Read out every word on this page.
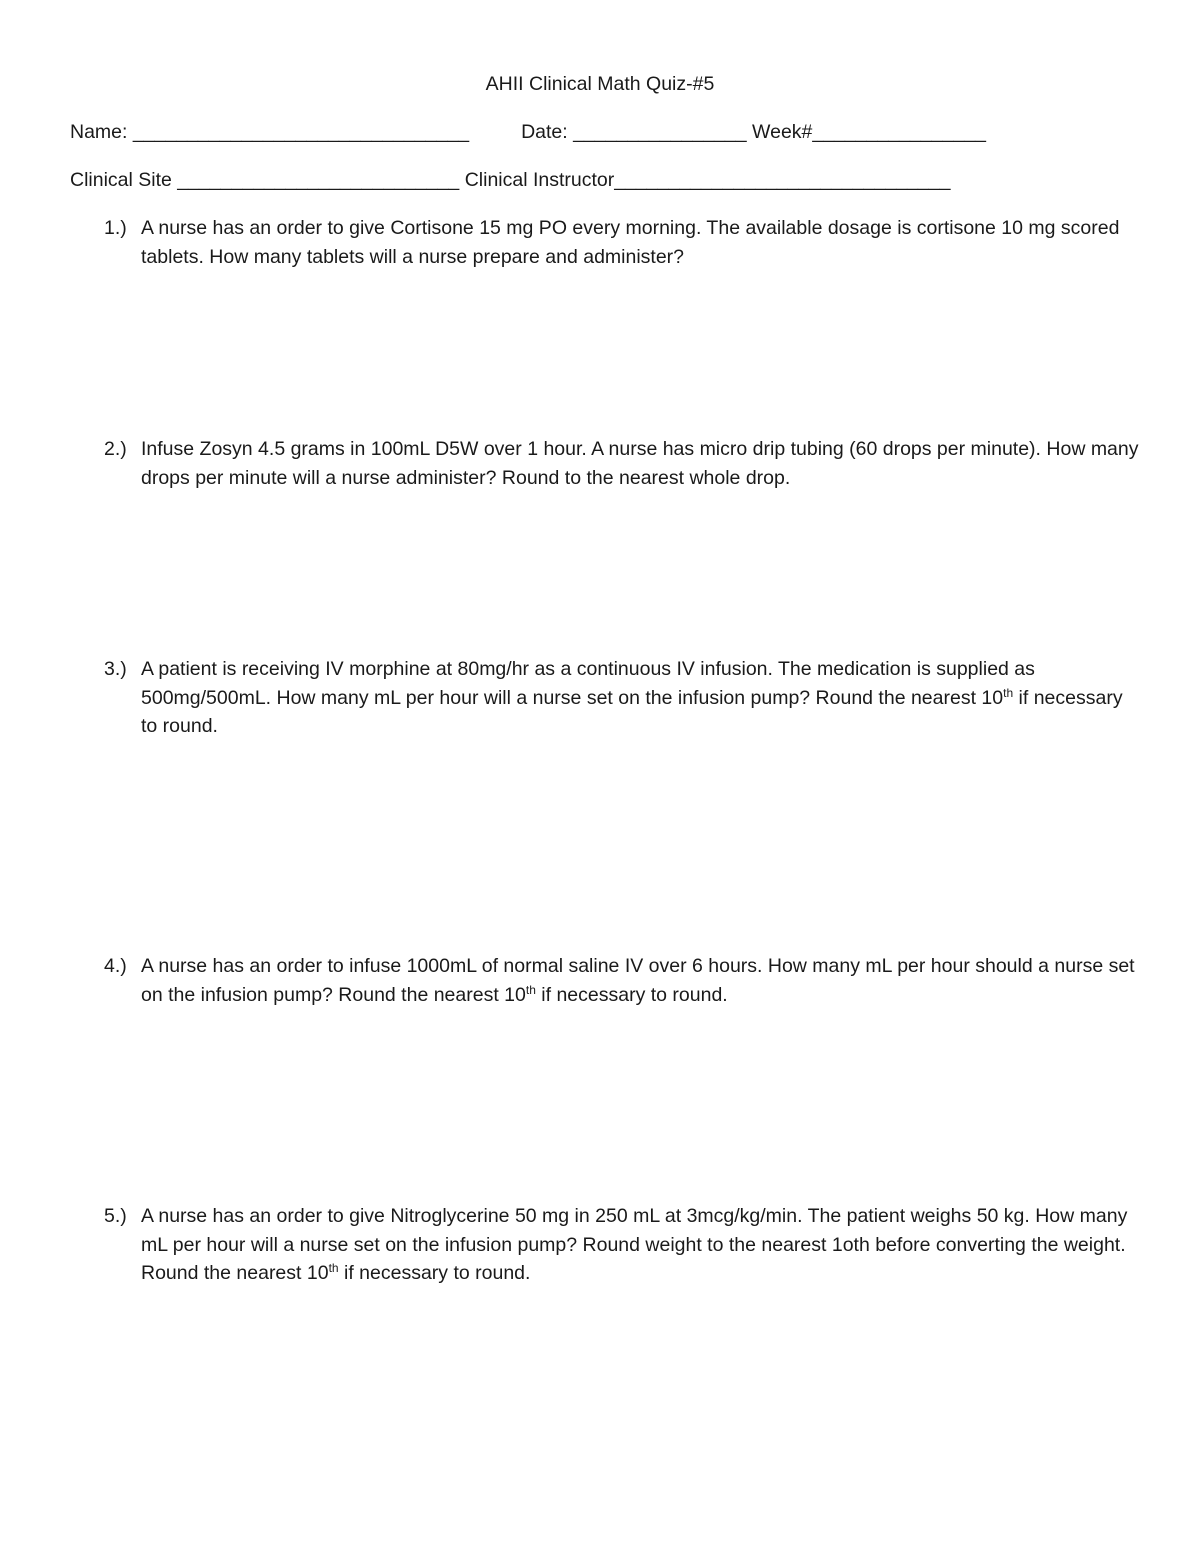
AHII Clinical Math Quiz-#5
Name: _______________________________	Date: ________________ Week#________________
Clinical Site __________________________ Clinical Instructor_______________________________
1.) A nurse has an order to give Cortisone 15 mg PO every morning. The available dosage is cortisone 10 mg scored tablets. How many tablets will a nurse prepare and administer?
2.) Infuse Zosyn 4.5 grams in 100mL D5W over 1 hour. A nurse has micro drip tubing (60 drops per minute). How many drops per minute will a nurse administer? Round to the nearest whole drop.
3.) A patient is receiving IV morphine at 80mg/hr as a continuous IV infusion. The medication is supplied as 500mg/500mL. How many mL per hour will a nurse set on the infusion pump? Round the nearest 10th if necessary to round.
4.) A nurse has an order to infuse 1000mL of normal saline IV over 6 hours. How many mL per hour should a nurse set on the infusion pump? Round the nearest 10th if necessary to round.
5.) A nurse has an order to give Nitroglycerine 50 mg in 250 mL at 3mcg/kg/min. The patient weighs 50 kg. How many mL per hour will a nurse set on the infusion pump? Round weight to the nearest 1oth before converting the weight. Round the nearest 10th if necessary to round.
